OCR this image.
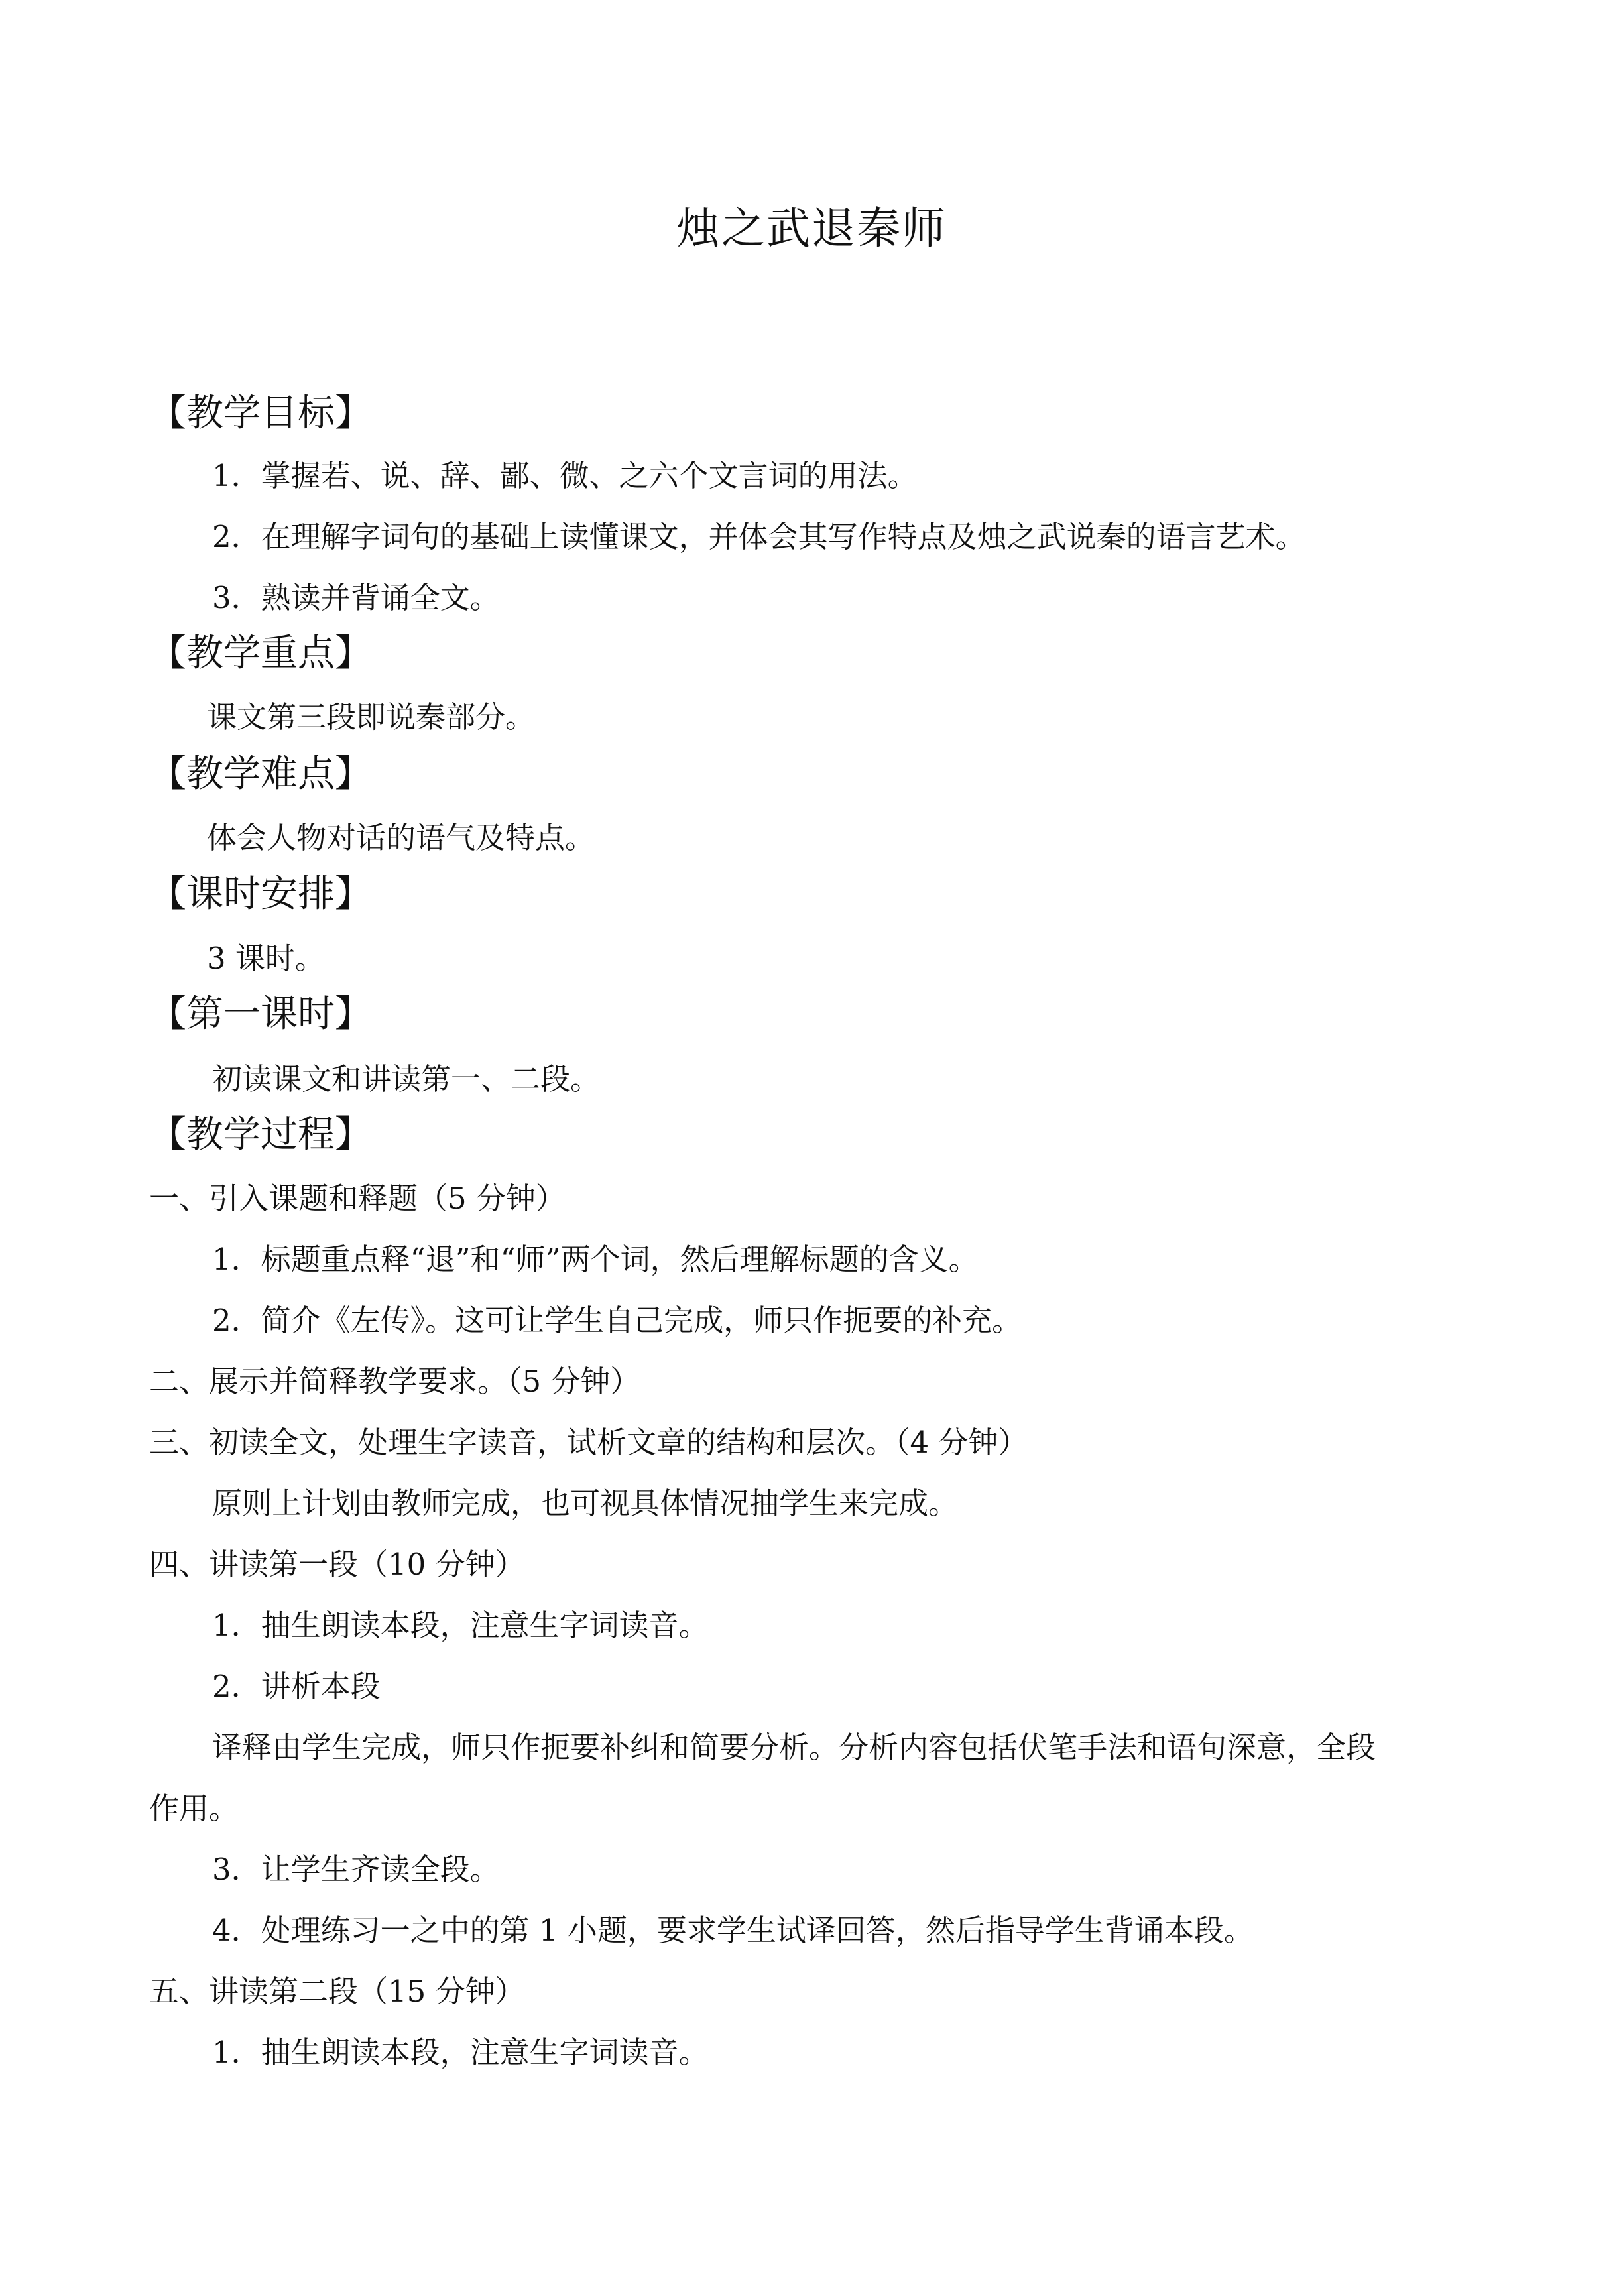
烛之武退秦师
【教学目标】
1．掌握若、说、辞、鄙、微、之六个文言词的用法。
2．在理解字词句的基础上读懂课文，并体会其写作特点及烛之武说秦的语言艺术。
3．熟读并背诵全文。
【教学重点】
课文第三段即说秦部分。
【教学难点】
体会人物对话的语气及特点。
【课时安排】
3 课时。
【第一课时】
初读课文和讲读第一、二段。
【教学过程】
一、引入课题和释题（5 分钟）
1．标题重点释“退”和“师”两个词，然后理解标题的含义。
2．简介《左传》。这可让学生自己完成，师只作扼要的补充。
二、展示并简释教学要求。（5 分钟）
三、初读全文，处理生字读音，试析文章的结构和层次。（4 分钟）
原则上计划由教师完成，也可视具体情况抽学生来完成。
四、讲读第一段（10 分钟）
1．抽生朗读本段，注意生字词读音。
2．讲析本段
译释由学生完成，师只作扼要补纠和简要分析。分析内容包括伏笔手法和语句深意，全段
作用。
3．让学生齐读全段。
4．处理练习一之中的第 1 小题，要求学生试译回答，然后指导学生背诵本段。
五、讲读第二段（15 分钟）
1．抽生朗读本段，注意生字词读音。
